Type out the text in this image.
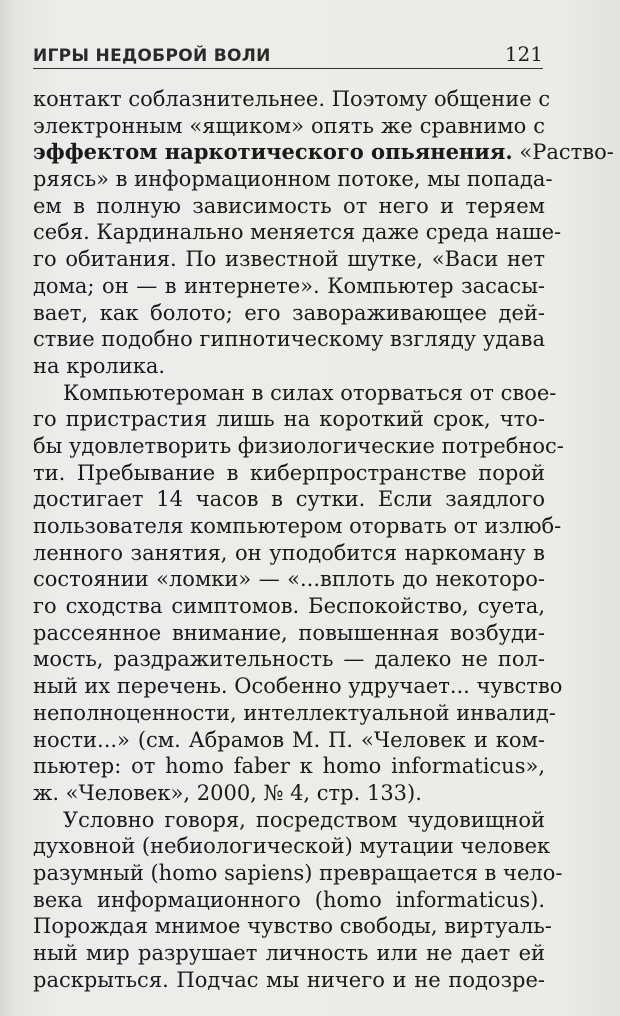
ИГРЫ НЕДОБРОЙ ВОЛИ	121
контакт соблазнительнее. Поэтому общение с
электронным «ящиком» опять же сравнимо с
эффектом наркотического опьянения. «Раство-
ряясь» в информационном потоке, мы попада-
ем в полную зависимость от него и теряем
себя. Кардинально меняется даже среда наше-
го обитания. По известной шутке, «Васи нет
дома; он — в интернете». Компьютер засасы-
вает, как болото; его завораживающее дей-
ствие подобно гипнотическому взгляду удава
на кролика.
Компьютероман в силах оторваться от свое-
го пристрастия лишь на короткий срок, что-
бы удовлетворить физиологические потребнос-
ти. Пребывание в киберпространстве порой
достигает 14 часов в сутки. Если заядлого
пользователя компьютером оторвать от излюб-
ленного занятия, он уподобится наркоману в
состоянии «ломки» — «...вплоть до некоторо-
го сходства симптомов. Беспокойство, суета,
рассеянное внимание, повышенная возбуди-
мость, раздражительность — далеко не пол-
ный их перечень. Особенно удручает... чувство
неполноценности, интеллектуальной инвалид-
ности...» (см. Абрамов М. П. «Человек и ком-
пьютер: от homo faber к homo informaticus»,
ж. «Человек», 2000, № 4, стр. 133).
Условно говоря, посредством чудовищной
духовной (небиологической) мутации человек
разумный (homo sapiens) превращается в чело-
века информационного (homo informaticus).
Порождая мнимое чувство свободы, виртуаль-
ный мир разрушает личность или не дает ей
раскрыться. Подчас мы ничего и не подозре-
